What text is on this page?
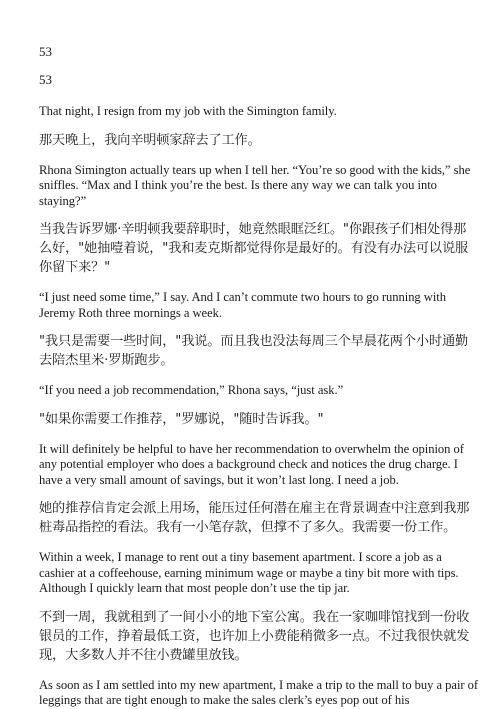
53

53

That night, I resign from my job with the Simington family.

那天晚上，我向辛明顿家辞去了工作。

Rhona Simington actually tears up when I tell her. “You’re so good with the kids,” she sniffles. “Max and I think you’re the best. Is there any way we can talk you into staying?”

当我告诉罗娜·辛明顿我要辞职时，她竟然眼眶泛红。"你跟孩子们相处得那么好，"她抽噎着说，"我和麦克斯都觉得你是最好的。有没有办法可以说服你留下来？"

“I just need some time,” I say. And I can’t commute two hours to go running with Jeremy Roth three mornings a week.

"我只是需要一些时间，"我说。而且我也没法每周三个早晨花两个小时通勤去陪杰里米·罗斯跑步。

“If you need a job recommendation,” Rhona says, “just ask.”

"如果你需要工作推荐，"罗娜说，"随时告诉我。"

It will definitely be helpful to have her recommendation to overwhelm the opinion of any potential employer who does a background check and notices the drug charge. I have a very small amount of savings, but it won’t last long. I need a job.

她的推荐信肯定会派上用场，能压过任何潜在雇主在背景调查中注意到我那桩毒品指控的看法。我有一小笔存款，但撑不了多久。我需要一份工作。

Within a week, I manage to rent out a tiny basement apartment. I score a job as a cashier at a coffeehouse, earning minimum wage or maybe a tiny bit more with tips. Although I quickly learn that most people don’t use the tip jar.

不到一周，我就租到了一间小小的地下室公寓。我在一家咖啡馆找到一份收银员的工作，挣着最低工资，也许加上小费能稍微多一点。不过我很快就发现，大多数人并不往小费罐里放钱。

As soon as I am settled into my new apartment, I make a trip to the mall to buy a pair of leggings that are tight enough to make the sales clerk’s eyes pop out of his
